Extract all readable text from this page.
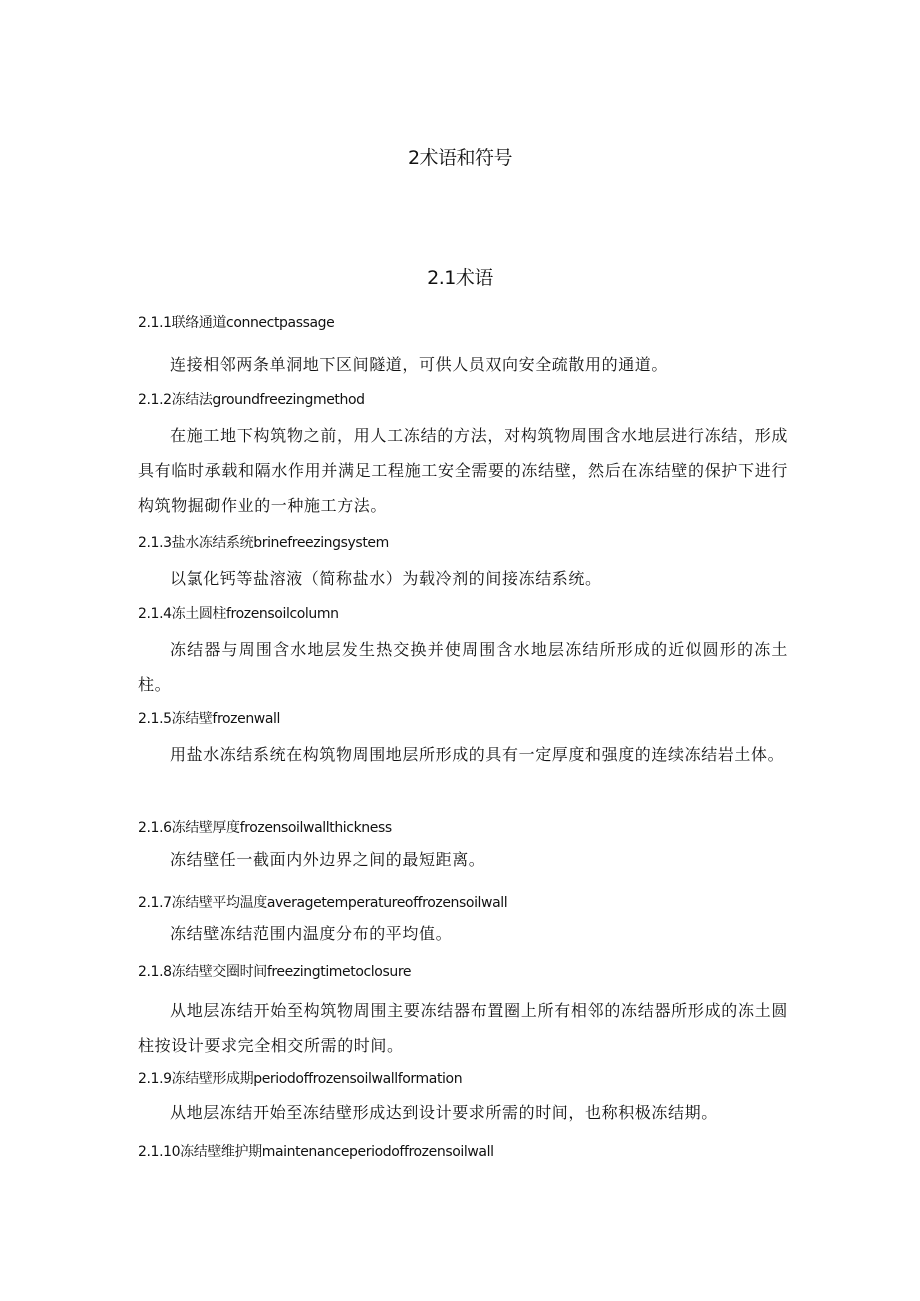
2术语和符号
2.1术语
2.1.1联络通道connectpassage

连接相邻两条单洞地下区间隧道，可供人员双向安全疏散用的通道。

2.1.2冻结法groundfreezingmethod

在施工地下构筑物之前，用人工冻结的方法，对构筑物周围含水地层进行冻结，形成具有临时承载和隔水作用并满足工程施工安全需要的冻结壁，然后在冻结壁的保护下进行构筑物掘砌作业的一种施工方法。

2.1.3盐水冻结系统brinefreezingsystem

以氯化钙等盐溶液（简称盐水）为载冷剂的间接冻结系统。

2.1.4冻土圆柱frozensoilcolumn

冻结器与周围含水地层发生热交换并使周围含水地层冻结所形成的近似圆形的冻土柱。

2.1.5冻结壁frozenwall

用盐水冻结系统在构筑物周围地层所形成的具有一定厚度和强度的连续冻结岩土体。

2.1.6冻结壁厚度frozensoilwallthickness

冻结壁任一截面内外边界之间的最短距离。

2.1.7冻结壁平均温度averagetemperatureoffrozensoilwall

冻结壁冻结范围内温度分布的平均值。

2.1.8冻结壁交圈时间freezingtimetoclosure

从地层冻结开始至构筑物周围主要冻结器布置圈上所有相邻的冻结器所形成的冻土圆柱按设计要求完全相交所需的时间。

2.1.9冻结壁形成期periodoffrozensoilwallformation

从地层冻结开始至冻结壁形成达到设计要求所需的时间，也称积极冻结期。

2.1.10冻结壁维护期maintenanceperiodoffrozensoilwall
